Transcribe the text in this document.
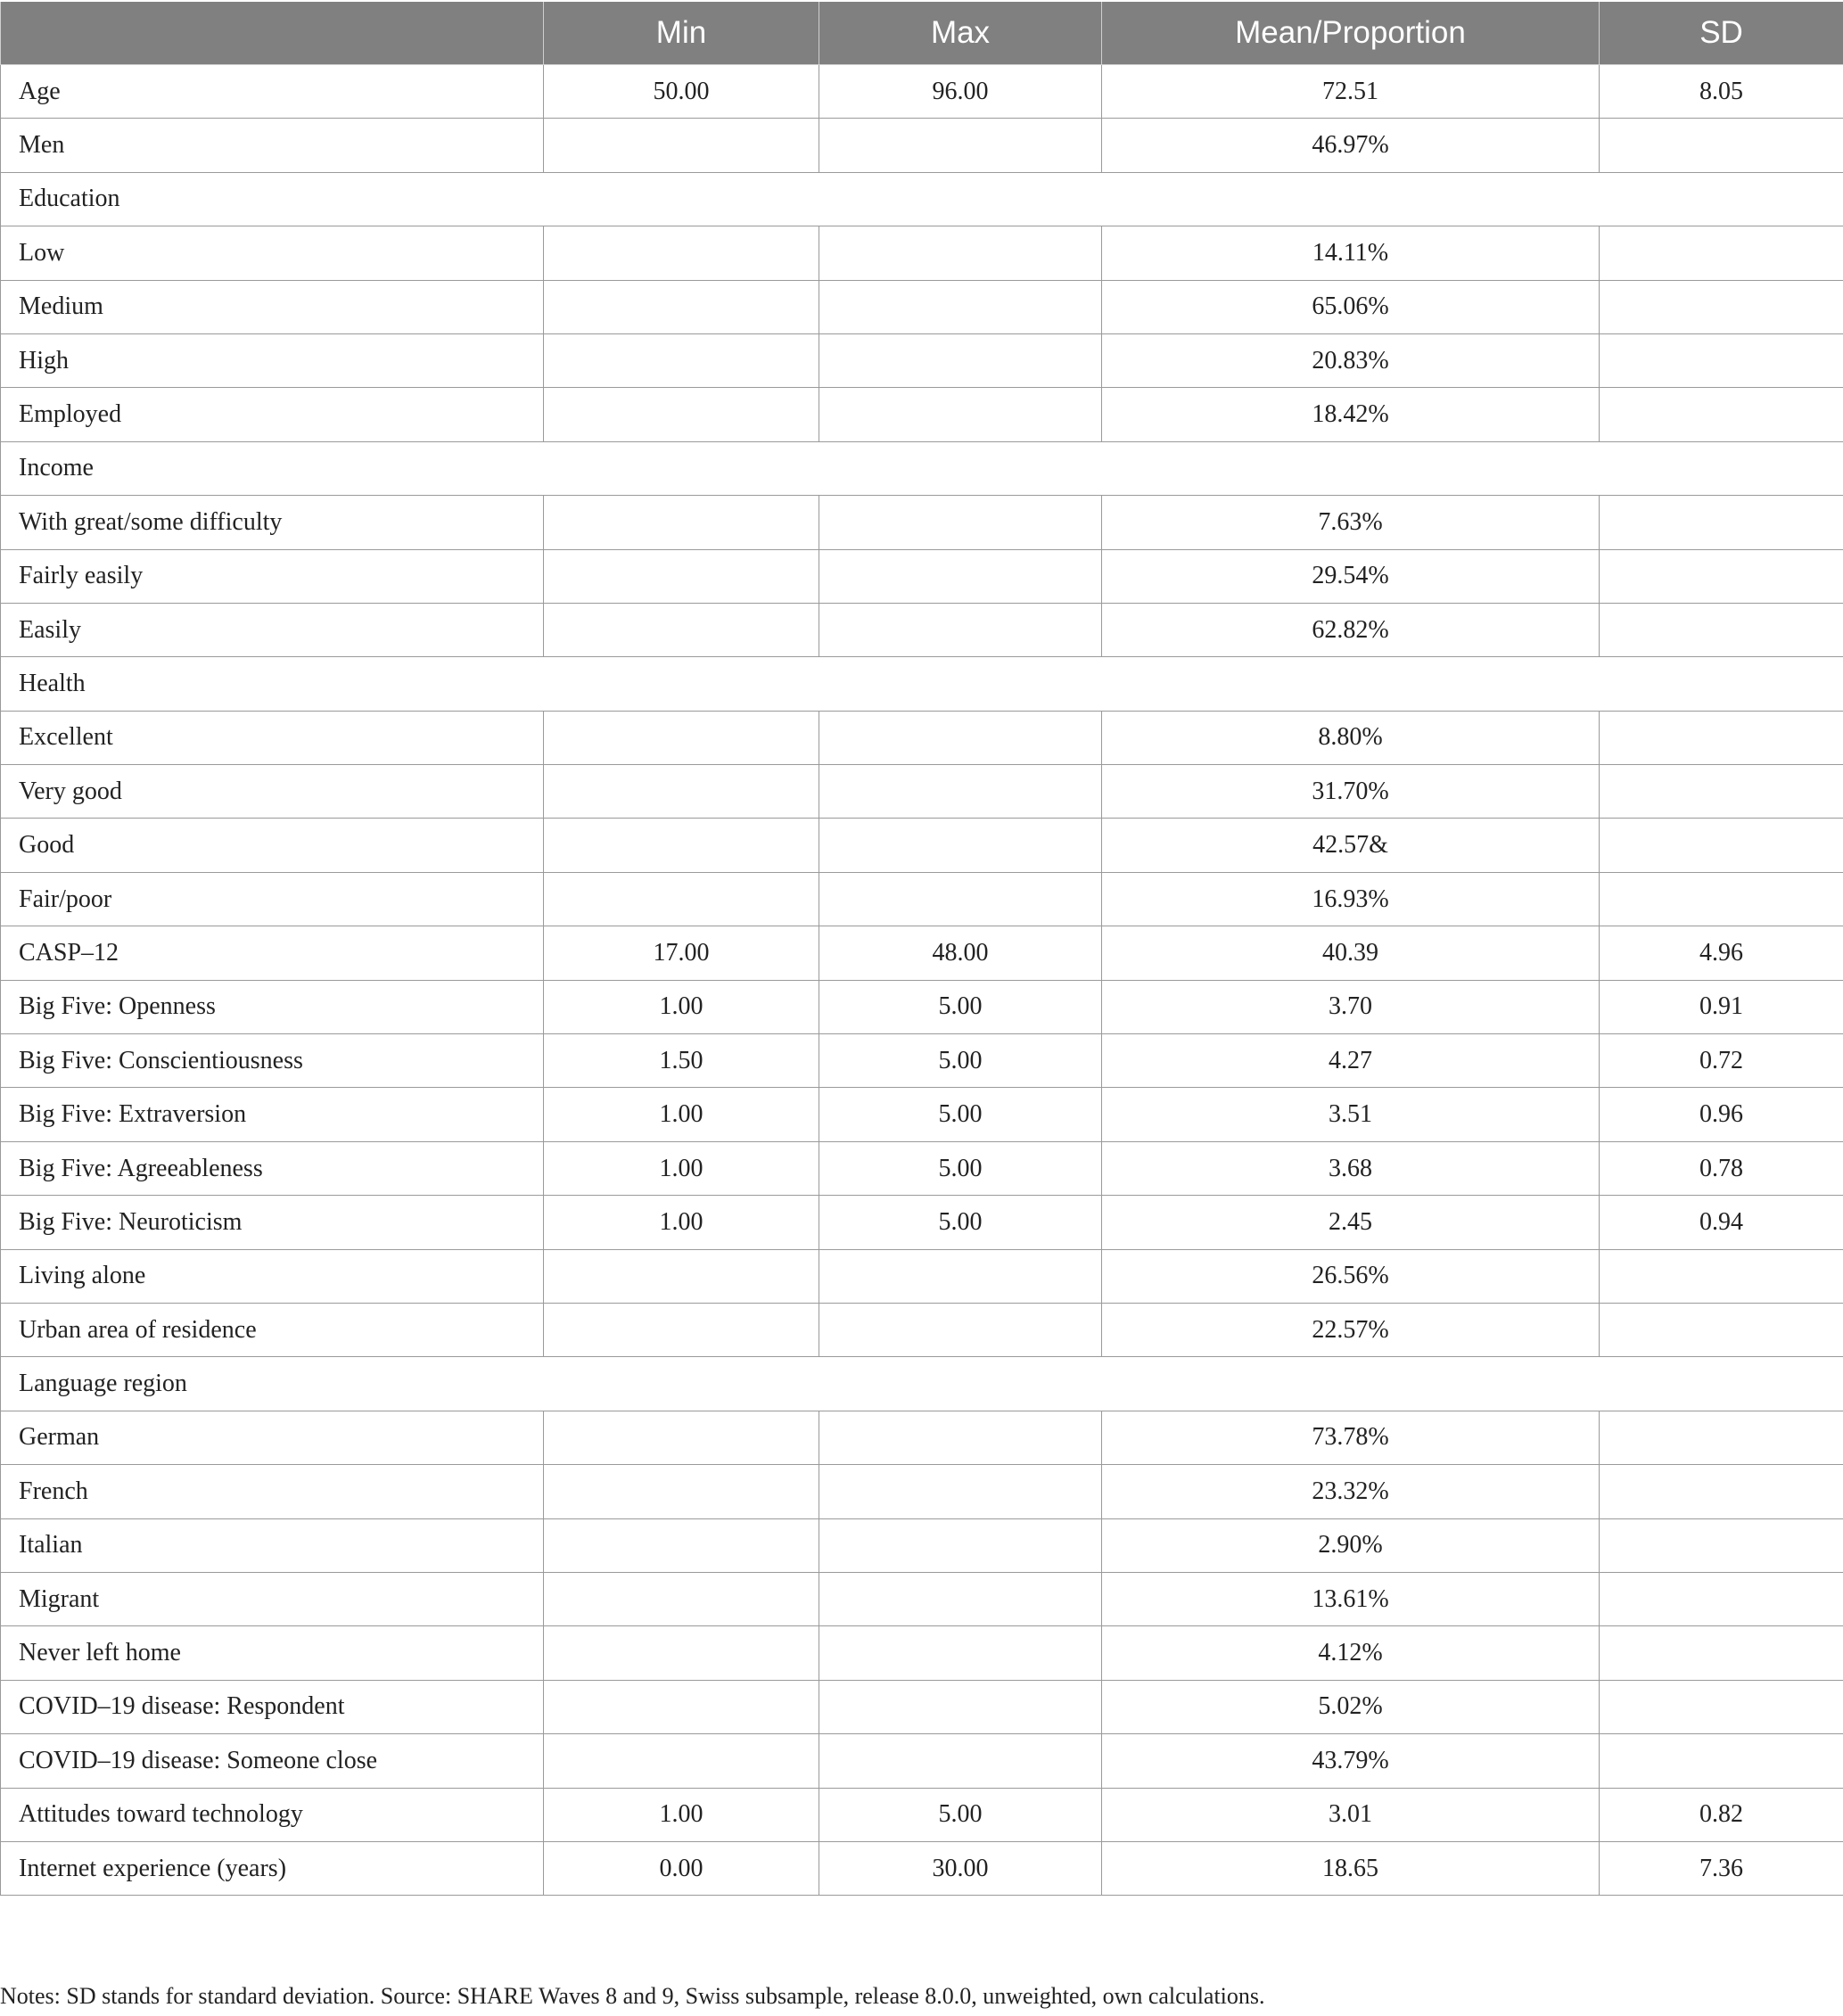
	Min	Max	Mean/Proportion	SD
Age	50.00	96.00	72.51	8.05
Men			46.97%	
Education				
Low			14.11%	
Medium			65.06%	
High			20.83%	
Employed			18.42%	
Income				
With great/some difficulty			7.63%	
Fairly easily			29.54%	
Easily			62.82%	
Health				
Excellent			8.80%	
Very good			31.70%	
Good			42.57&	
Fair/poor			16.93%	
CASP–12	17.00	48.00	40.39	4.96
Big Five: Openness	1.00	5.00	3.70	0.91
Big Five: Conscientiousness	1.50	5.00	4.27	0.72
Big Five: Extraversion	1.00	5.00	3.51	0.96
Big Five: Agreeableness	1.00	5.00	3.68	0.78
Big Five: Neuroticism	1.00	5.00	2.45	0.94
Living alone			26.56%	
Urban area of residence			22.57%	
Language region				
German			73.78%	
French			23.32%	
Italian			2.90%	
Migrant			13.61%	
Never left home			4.12%	
COVID–19 disease: Respondent			5.02%	
COVID–19 disease: Someone close			43.79%	
Attitudes toward technology	1.00	5.00	3.01	0.82
Internet experience (years)	0.00	30.00	18.65	7.36
Notes: SD stands for standard deviation. Source: SHARE Waves 8 and 9, Swiss subsample, release 8.0.0, unweighted, own calculations.
